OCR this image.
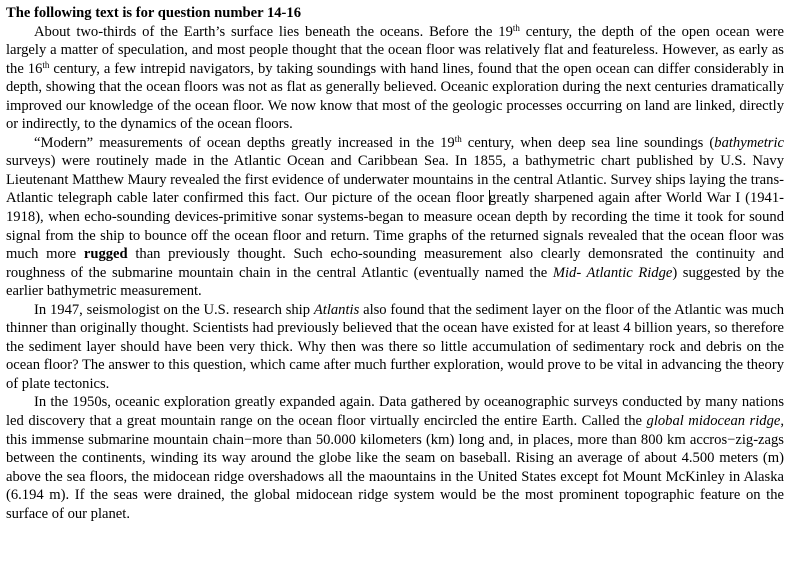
The following text is for question number 14-16

About two-thirds of the Earth’s surface lies beneath the oceans. Before the 19th century, the depth of the open ocean were largely a matter of speculation, and most people thought that the ocean floor was relatively flat and featureless. However, as early as the 16th century, a few intrepid navigators, by taking soundings with hand lines, found that the open ocean can differ considerably in depth, showing that the ocean floors was not as flat as generally believed. Oceanic exploration during the next centuries dramatically improved our knowledge of the ocean floor. We now know that most of the geologic processes occurring on land are linked, directly or indirectly, to the dynamics of the ocean floors.

“Modern” measurements of ocean depths greatly increased in the 19th century, when deep sea line soundings (bathymetric surveys) were routinely made in the Atlantic Ocean and Caribbean Sea. In 1855, a bathymetric chart published by U.S. Navy Lieutenant Matthew Maury revealed the first evidence of underwater mountains in the central Atlantic. Survey ships laying the trans-Atlantic telegraph cable later confirmed this fact. Our picture of the ocean floor greatly sharpened again after World War I (1941-1918), when echo-sounding devices-primitive sonar systems-began to measure ocean depth by recording the time it took for sound signal from the ship to bounce off the ocean floor and return. Time graphs of the returned signals revealed that the ocean floor was much more rugged than previously thought. Such echo-sounding measurement also clearly demonsrated the continuity and roughness of the submarine mountain chain in the central Atlantic (eventually named the Mid- Atlantic Ridge) suggested by the earlier bathymetric measurement.

In 1947, seismologist on the U.S. research ship Atlantis also found that the sediment layer on the floor of the Atlantic was much thinner than originally thought. Scientists had previously believed that the ocean have existed for at least 4 billion years, so therefore the sediment layer should have been very thick. Why then was there so little accumulation of sedimentary rock and debris on the ocean floor? The answer to this question, which came after much further exploration, would prove to be vital in advancing the theory of plate tectonics.

In the 1950s, oceanic exploration greatly expanded again. Data gathered by oceanographic surveys conducted by many nations led discovery that a great mountain range on the ocean floor virtually encircled the entire Earth. Called the global midocean ridge, this immense submarine mountain chain−more than 50.000 kilometers (km) long and, in places, more than 800 km accros−zig-zags between the continents, winding its way around the globe like the seam on baseball. Rising an average of about 4.500 meters (m) above the sea floors, the midocean ridge overshadows all the maountains in the United States except fot Mount McKinley in Alaska (6.194 m). If the seas were drained, the global midocean ridge system would be the most prominent topographic feature on the surface of our planet.
